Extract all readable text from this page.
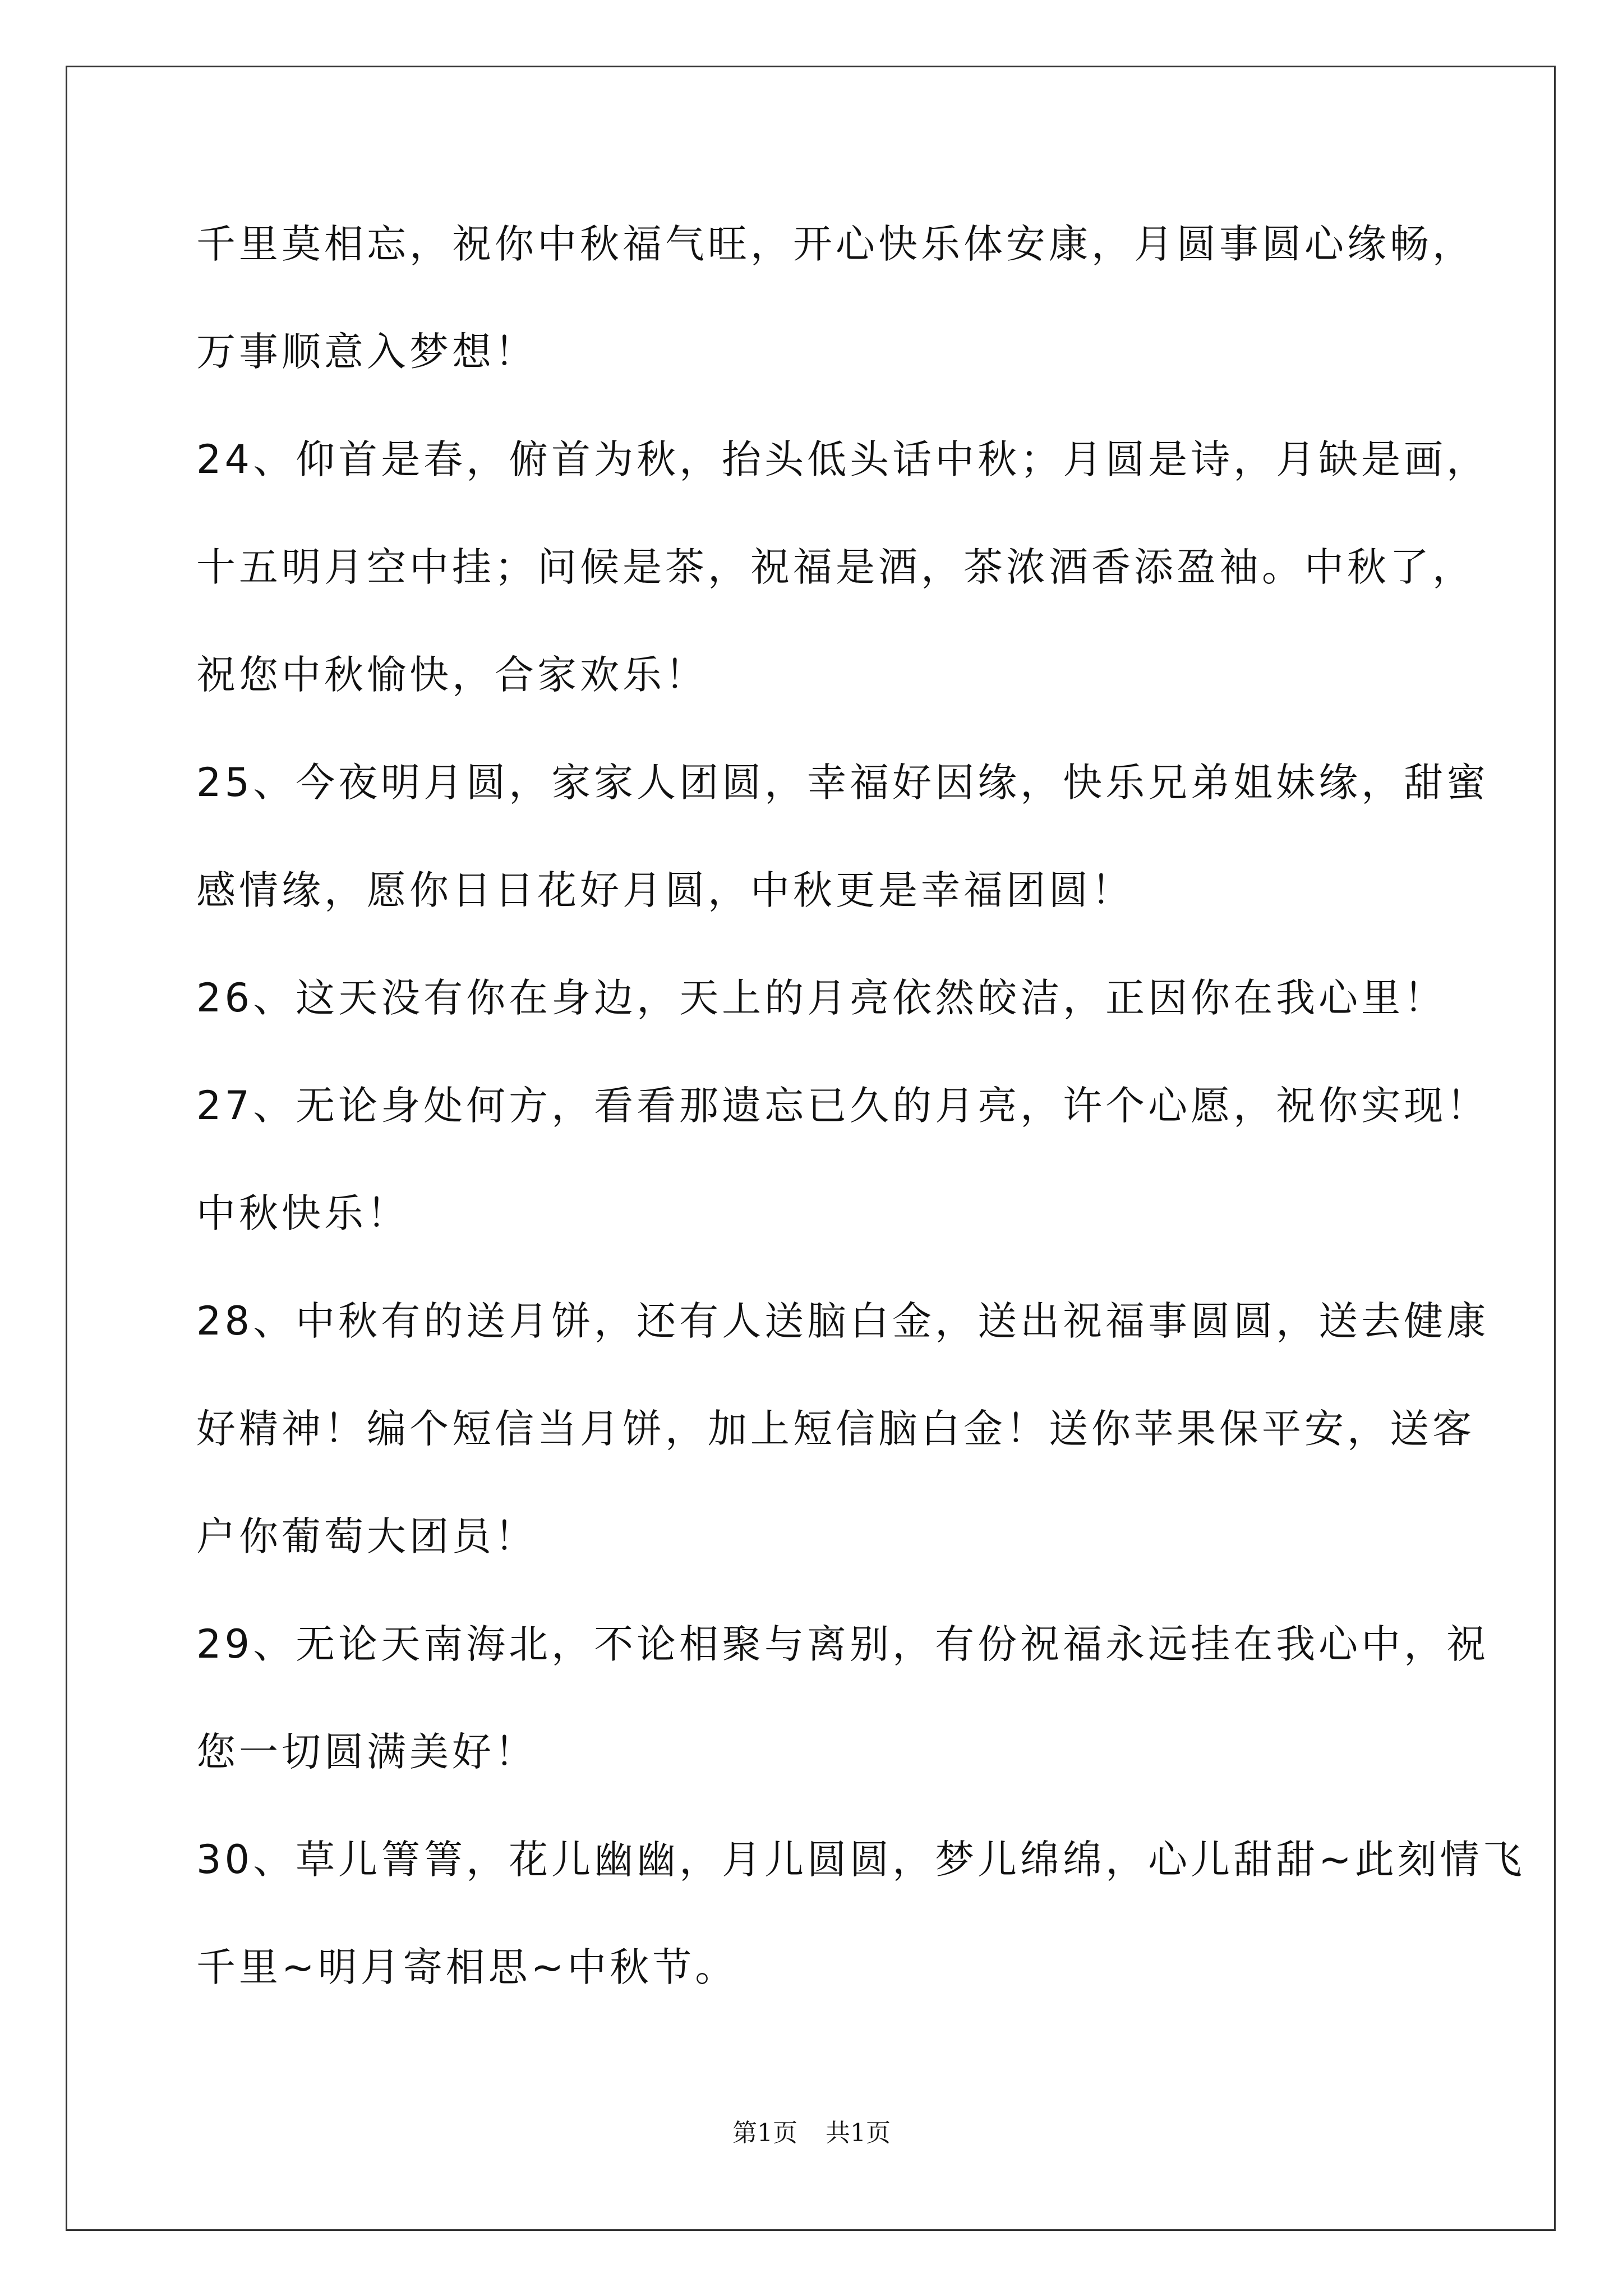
千里莫相忘，祝你中秋福气旺，开心快乐体安康，月圆事圆心缘畅，
万事顺意入梦想！
24、仰首是春，俯首为秋，抬头低头话中秋；月圆是诗，月缺是画，
十五明月空中挂；问候是茶，祝福是酒，茶浓酒香添盈袖。中秋了，
祝您中秋愉快，合家欢乐！
25、今夜明月圆，家家人团圆，幸福好因缘，快乐兄弟姐妹缘，甜蜜
感情缘，愿你日日花好月圆，中秋更是幸福团圆！
26、这天没有你在身边，天上的月亮依然皎洁，正因你在我心里！
27、无论身处何方，看看那遗忘已久的月亮，许个心愿，祝你实现！
中秋快乐！
28、中秋有的送月饼，还有人送脑白金，送出祝福事圆圆，送去健康
好精神！编个短信当月饼，加上短信脑白金！送你苹果保平安，送客
户你葡萄大团员！
29、无论天南海北，不论相聚与离别，有份祝福永远挂在我心中，祝
您一切圆满美好！
30、草儿箐箐，花儿幽幽，月儿圆圆，梦儿绵绵，心儿甜甜~此刻情飞
千里~明月寄相思~中秋节。
第1页 共1页
